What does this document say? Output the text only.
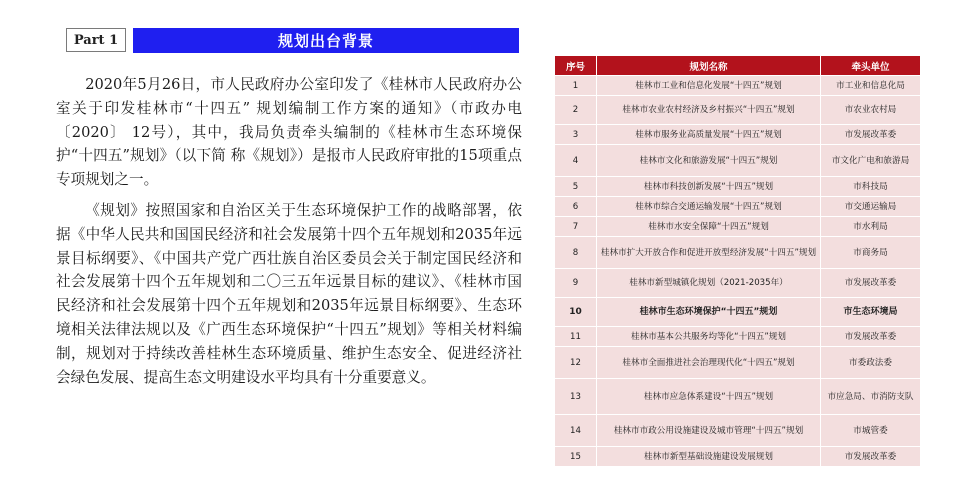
Part 1	规划出台背景

2020年5月26日，市人民政府办公室印发了《桂林市人民政府办公室关于印发桂林市“十四五” 规划编制工作方案的通知》（市政办电〔2020〕 12号），其中，我局负责牵头编制的《桂林市生态环境保护“十四五”规划》（以下简 称《规划》）是报市人民政府审批的15项重点专项规划之一。

《规划》按照国家和自治区关于生态环境保护工作的战略部署，依据《中华人民共和国国民经济和社会发展第十四个五年规划和2035年远景目标纲要》、《中国共产党广西壮族自治区委员会关于制定国民经济和社会发展第十四个五年规划和二〇三五年远景目标的建议》、《桂林市国民经济和社会发展第十四个五年规划和2035年远景目标纲要》、生态环境相关法律法规以及《广西生态环境保护“十四五”规划》等相关材料编制，规划对于持续改善桂林生态环境质量、维护生态安全、促进经济社会绿色发展、提高生态文明建设水平均具有十分重要意义。

序号	规划名称	牵头单位
1	桂林市工业和信息化发展“十四五”规划	市工业和信息化局
2	桂林市农业农村经济及乡村振兴“十四五”规划	市农业农村局
3	桂林市服务业高质量发展“十四五”规划	市发展改革委
4	桂林市文化和旅游发展“十四五”规划	市文化广电和旅游局
5	桂林市科技创新发展“十四五”规划	市科技局
6	桂林市综合交通运输发展“十四五”规划	市交通运输局
7	桂林市水安全保障“十四五”规划	市水利局
8	桂林市扩大开放合作和促进开放型经济发展“十四五”规划	市商务局
9	桂林市新型城镇化规划（2021-2035年）	市发展改革委
10	桂林市生态环境保护“十四五”规划	市生态环境局
11	桂林市基本公共服务均等化“十四五”规划	市发展改革委
12	桂林市全面推进社会治理现代化“十四五”规划	市委政法委
13	桂林市应急体系建设“十四五”规划	市应急局、市消防支队
14	桂林市市政公用设施建设及城市管理“十四五”规划	市城管委
15	桂林市新型基础设施建设发展规划	市发展改革委
